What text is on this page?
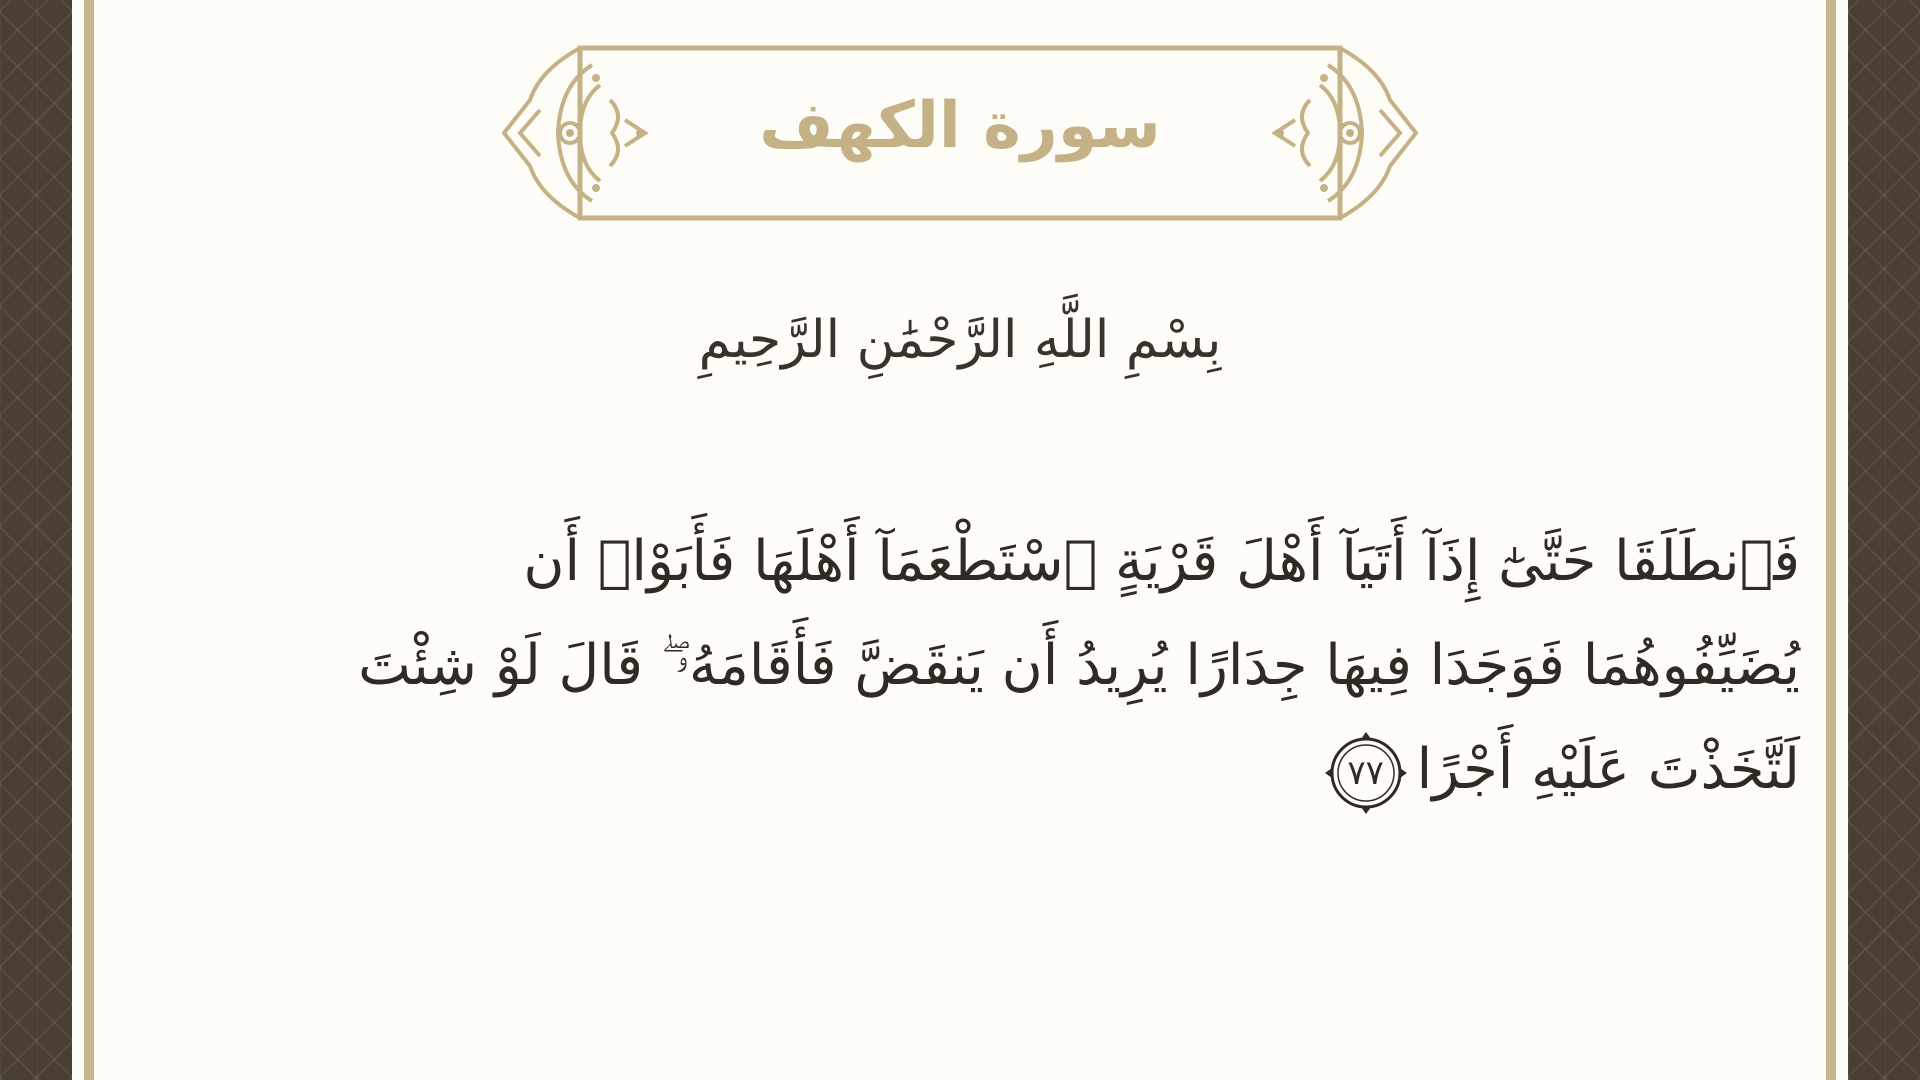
سورة الكهف
بِسْمِ اللَّهِ الرَّحْمَٰنِ الرَّحِيمِ
فَٱنطَلَقَا حَتَّىٰٓ إِذَآ أَتَيَآ أَهْلَ قَرْيَةٍ ٱسْتَطْعَمَآ أَهْلَهَا فَأَبَوْا۟ أَن
يُضَيِّفُوهُمَا فَوَجَدَا فِيهَا جِدَارًا يُرِيدُ أَن يَنقَضَّ فَأَقَامَهُۥ ۖ قَالَ لَوْ شِئْتَ
لَتَّخَذْتَ عَلَيْهِ أَجْرًا
٧٧
